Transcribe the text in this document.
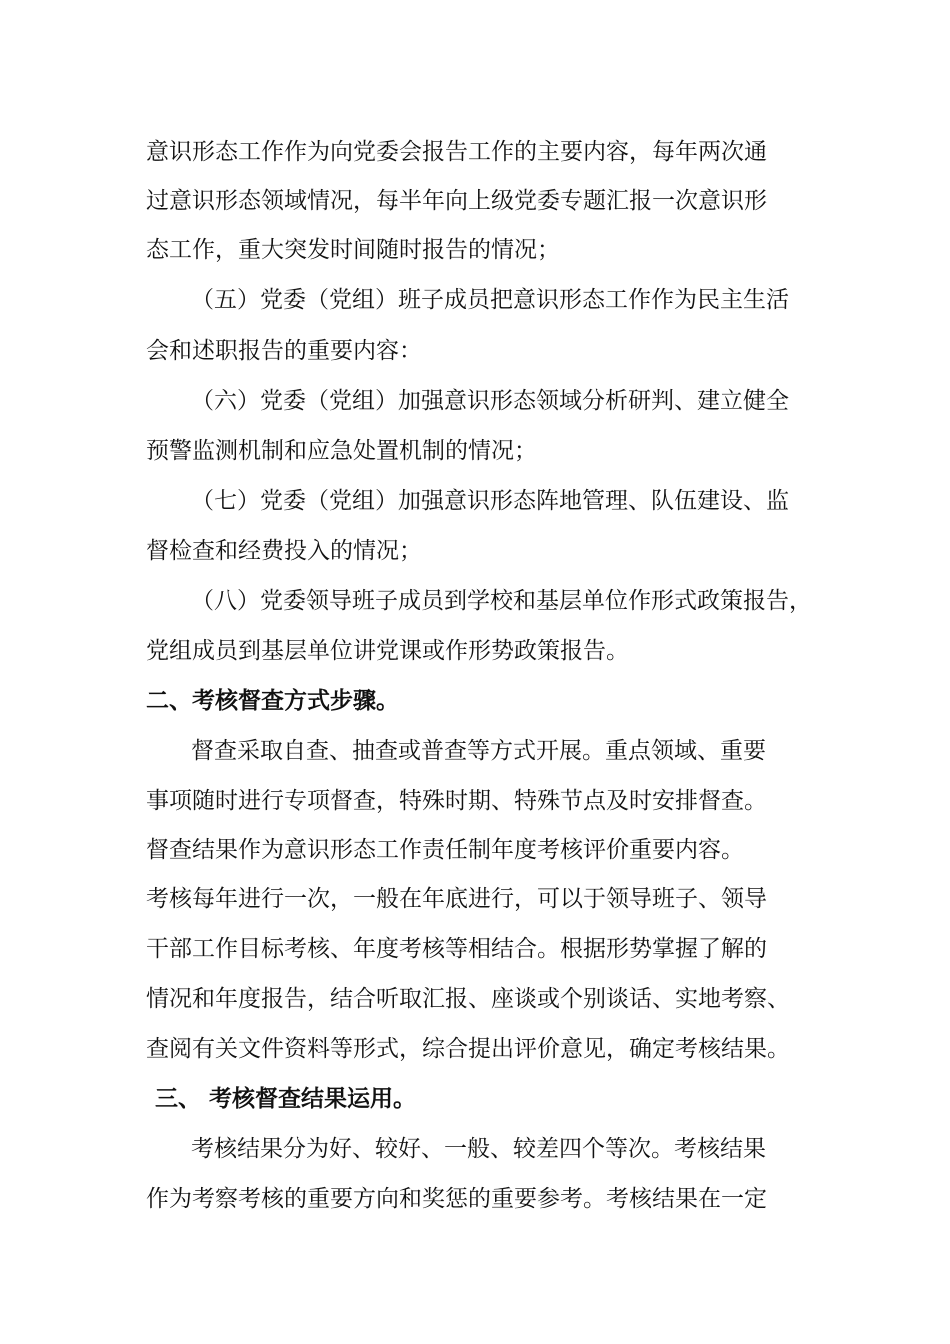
意识形态工作作为向党委会报告工作的主要内容，每年两次通
过意识形态领域情况，每半年向上级党委专题汇报一次意识形
态工作，重大突发时间随时报告的情况；
（五）党委（党组）班子成员把意识形态工作作为民主生活
会和述职报告的重要内容：
（六）党委（党组）加强意识形态领域分析研判、建立健全
预警监测机制和应急处置机制的情况；
（七）党委（党组）加强意识形态阵地管理、队伍建设、监
督检查和经费投入的情况；
（八）党委领导班子成员到学校和基层单位作形式政策报告，
党组成员到基层单位讲党课或作形势政策报告。
二、考核督查方式步骤。
督查采取自查、抽查或普查等方式开展。重点领域、重要
事项随时进行专项督查，特殊时期、特殊节点及时安排督查。
督查结果作为意识形态工作责任制年度考核评价重要内容。
考核每年进行一次，一般在年底进行，可以于领导班子、领导
干部工作目标考核、年度考核等相结合。根据形势掌握了解的
情况和年度报告，结合听取汇报、座谈或个别谈话、实地考察、
查阅有关文件资料等形式，综合提出评价意见，确定考核结果。
三、 考核督查结果运用。
考核结果分为好、较好、一般、较差四个等次。考核结果
作为考察考核的重要方向和奖惩的重要参考。考核结果在一定
